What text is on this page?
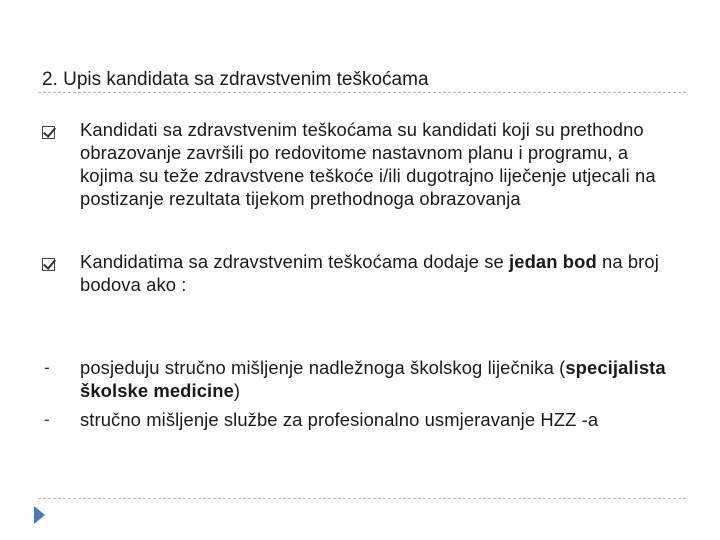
2. Upis kandidata sa zdravstvenim teškoćama
Kandidati sa zdravstvenim teškoćama su kandidati koji su prethodno obrazovanje završili po redovitome nastavnom planu i programu, a kojima su teže zdravstvene teškoće i/ili dugotrajno liječenje utjecali na postizanje rezultata tijekom prethodnoga obrazovanja
Kandidatima sa zdravstvenim teškoćama dodaje se jedan bod na broj bodova ako :
-	posjeduju stručno mišljenje nadležnoga školskog liječnika (specijalista školske medicine)
-	stručno mišljenje službe za profesionalno usmjeravanje HZZ -a
